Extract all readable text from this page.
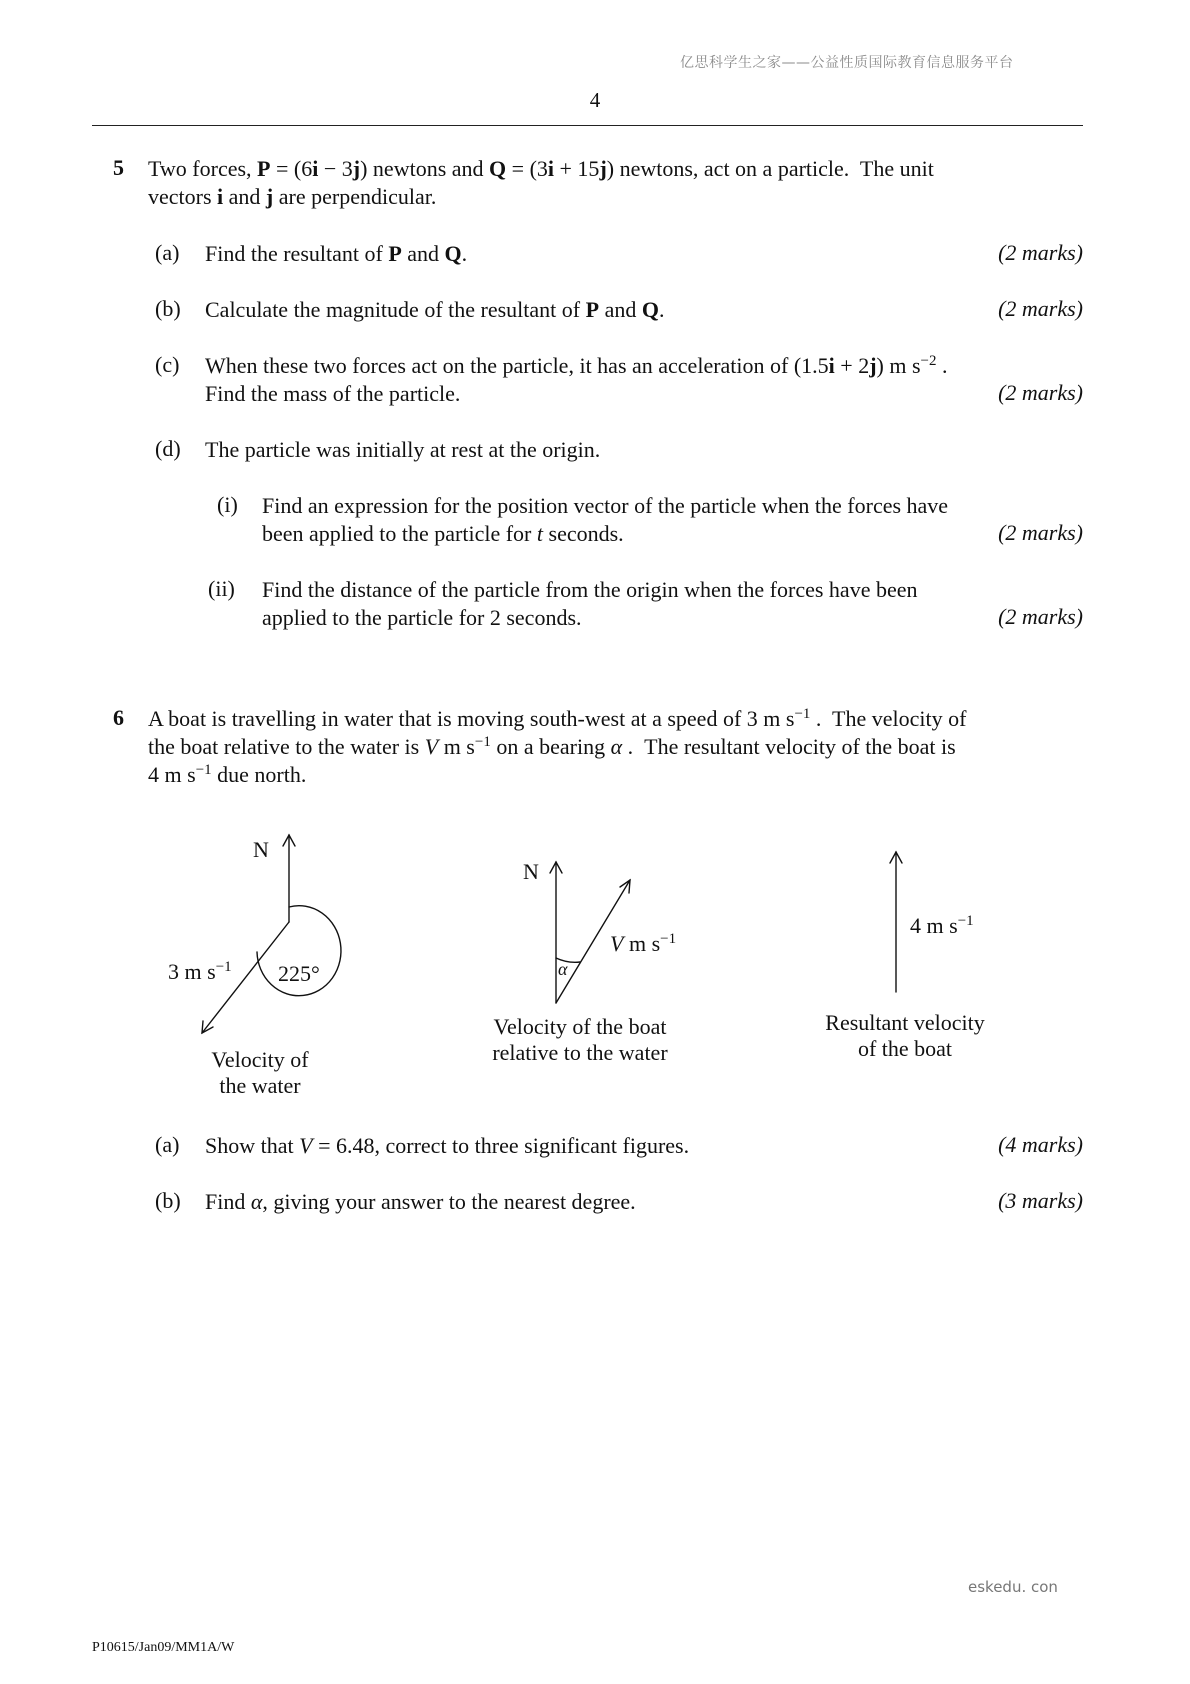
亿思科学生之家——公益性质国际教育信息服务平台
4
5 Two forces, P = (6i − 3j) newtons and Q = (3i + 15j) newtons, act on a particle.  The unit
vectors i and j are perpendicular.
(a) Find the resultant of P and Q.	(2 marks)
(b) Calculate the magnitude of the resultant of P and Q.	(2 marks)
(c) When these two forces act on the particle, it has an acceleration of (1.5i + 2j) m $s^{-2}$ .
Find the mass of the particle.	(2 marks)
(d) The particle was initially at rest at the origin.
(i) Find an expression for the position vector of the particle when the forces have
been applied to the particle for t seconds.	(2 marks)
(ii) Find the distance of the particle from the origin when the forces have been
applied to the particle for 2 seconds.	(2 marks)
6 A boat is travelling in water that is moving south-west at a speed of 3 m $s^{-1}$ .  The velocity of
the boat relative to the water is V m $s^{-1}$ on a bearing α .  The resultant velocity of the boat is
4 m $s^{-1}$ due north.
N
3 m $s^{-1}$ 225°
Velocity of
the water
N
α
V m $s^{-1}$
Velocity of the boat
relative to the water
4 m $s^{-1}$
Resultant velocity
of the boat
(a) Show that V = 6.48, correct to three significant figures.	(4 marks)
(b) Find α, giving your answer to the nearest degree.	(3 marks)
eskedu. con
P10615/Jan09/MM1A/W
